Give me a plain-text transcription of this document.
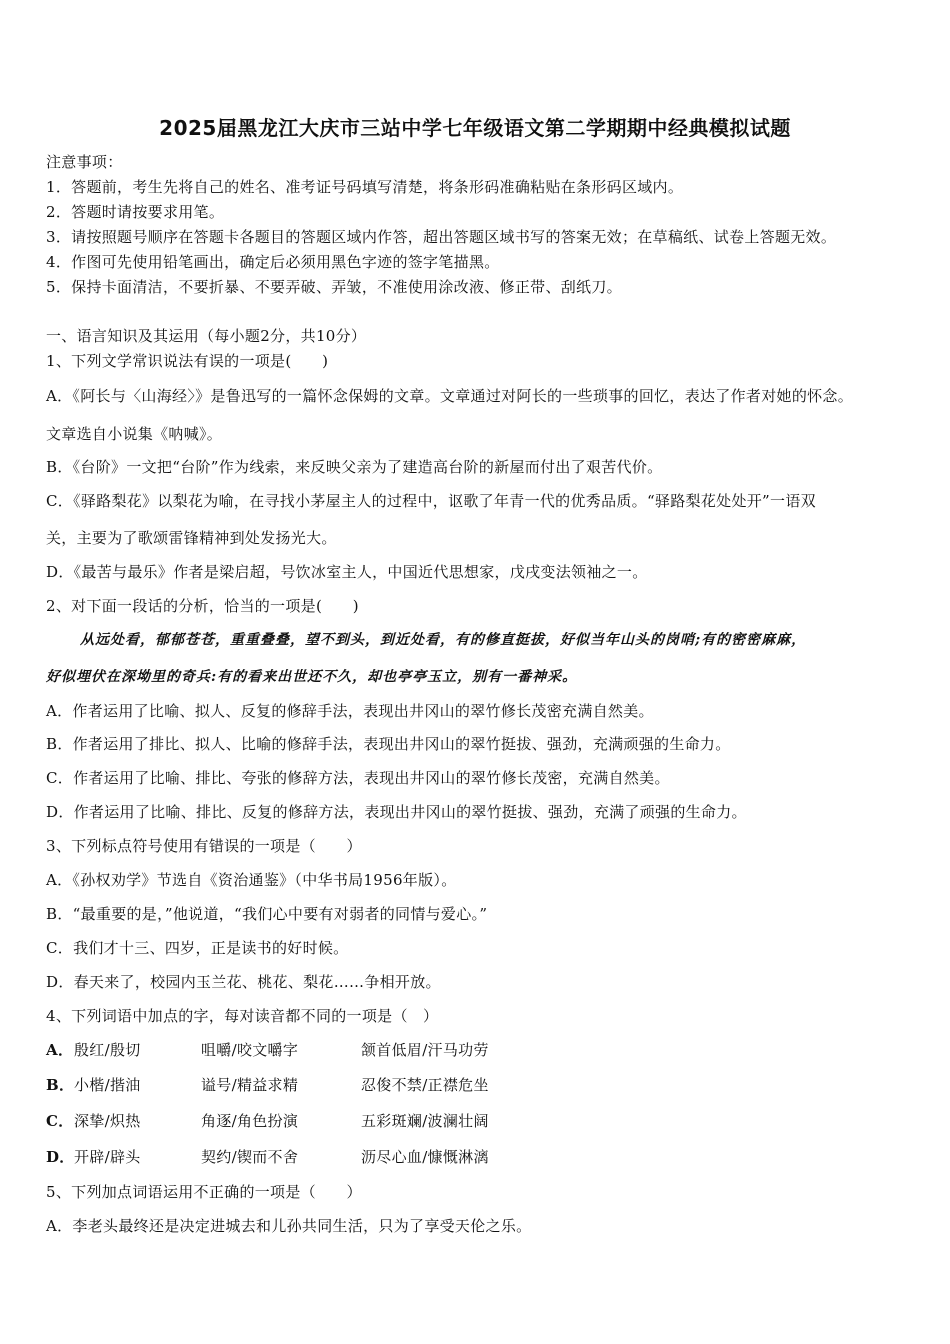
2025届黑龙江大庆市三站中学七年级语文第二学期期中经典模拟试题
注意事项：
1．答题前，考生先将自己的姓名、准考证号码填写清楚，将条形码准确粘贴在条形码区域内。
2．答题时请按要求用笔。
3．请按照题号顺序在答题卡各题目的答题区域内作答，超出答题区域书写的答案无效；在草稿纸、试卷上答题无效。
4．作图可先使用铅笔画出，确定后必须用黑色字迹的签字笔描黑。
5．保持卡面清洁，不要折暴、不要弄破、弄皱，不准使用涂改液、修正带、刮纸刀。
一、语言知识及其运用（每小题2分，共10分）
1、下列文学常识说法有误的一项是(　　)
A．《阿长与〈山海经〉》是鲁迅写的一篇怀念保姆的文章。文章通过对阿长的一些琐事的回忆，表达了作者对她的怀念。
文章选自小说集《呐喊》。
B．《台阶》一文把“台阶”作为线索，来反映父亲为了建造高台阶的新屋而付出了艰苦代价。
C．《驿路梨花》以梨花为喻，在寻找小茅屋主人的过程中，讴歌了年青一代的优秀品质。“驿路梨花处处开”一语双
关，主要为了歌颂雷锋精神到处发扬光大。
D．《最苦与最乐》作者是梁启超，号饮冰室主人，中国近代思想家，戊戌变法领袖之一。
2、对下面一段话的分析，恰当的一项是(　　)
从远处看，郁郁苍苍，重重叠叠，望不到头，到近处看，有的修直挺拔，好似当年山头的岗哨;有的密密麻麻，
好似埋伏在深坳里的奇兵:有的看来出世还不久，却也亭亭玉立，别有一番神采。
A．作者运用了比喻、拟人、反复的修辞手法，表现出井冈山的翠竹修长茂密充满自然美。
B．作者运用了排比、拟人、比喻的修辞手法，表现出井冈山的翠竹挺拔、强劲，充满顽强的生命力。
C．作者运用了比喻、排比、夸张的修辞方法，表现出井冈山的翠竹修长茂密，充满自然美。
D．作者运用了比喻、排比、反复的修辞方法，表现出井冈山的翠竹挺拔、强劲，充满了顽强的生命力。
3、下列标点符号使用有错误的一项是（　　）
A．《孙权劝学》节选自《资治通鉴》（中华书局1956年版）。
B．“最重要的是，”他说道，“我们心中要有对弱者的同情与爱心。”
C．我们才十三、四岁，正是读书的好时候。
D．春天来了，校园内玉兰花、桃花、梨花……争相开放。
4、下列词语中加点的字，每对读音都不同的一项是（　）
A． 殷红/殷切	咀嚼/咬文嚼字	颔首低眉/汗马功劳
B． 小楷/揩油	谥号/精益求精	忍俊不禁/正襟危坐
C． 深挚/炽热	角逐/角色扮演	五彩斑斓/波澜壮阔
D． 开辟/辟头	契约/锲而不舍	沥尽心血/慷慨淋漓
5、下列加点词语运用不正确的一项是（　　）
A．李老头最终还是决定进城去和儿孙共同生活，只为了享受天伦之乐。
